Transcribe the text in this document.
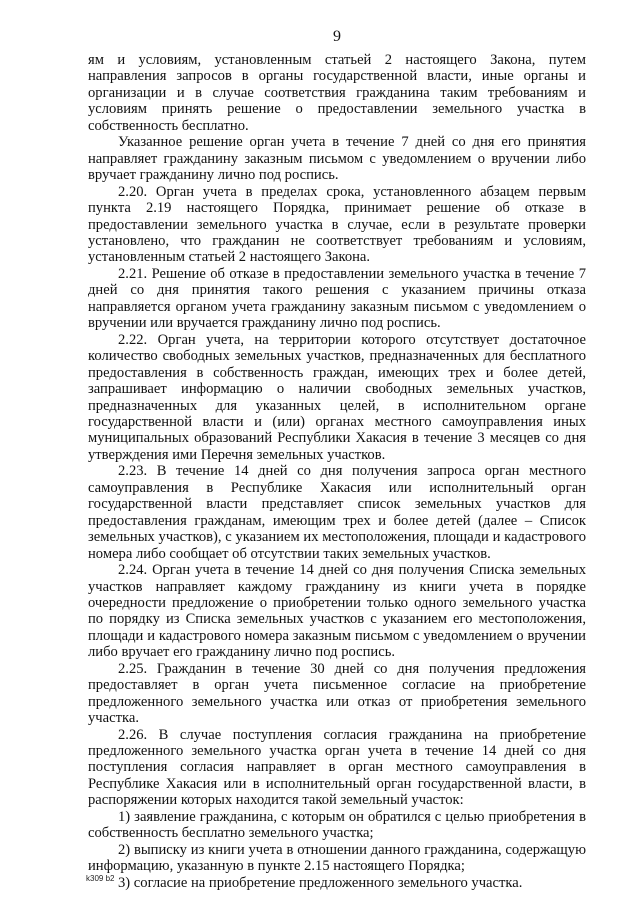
9

ям и условиям, установленным статьей 2 настоящего Закона, путем направления запросов в органы государственной власти, иные органы и организации и в случае соответствия гражданина таким требованиям и условиям принять решение о предоставлении земельного участка в собственность бесплатно.

Указанное решение орган учета в течение 7 дней со дня его принятия направляет гражданину заказным письмом с уведомлением о вручении либо вручает гражданину лично под роспись.

2.20. Орган учета в пределах срока, установленного абзацем первым пункта 2.19 настоящего Порядка, принимает решение об отказе в предоставлении земельного участка в случае, если в результате проверки установлено, что гражданин не соответствует требованиям и условиям, установленным статьей 2 настоящего Закона.

2.21. Решение об отказе в предоставлении земельного участка в течение 7 дней со дня принятия такого решения с указанием причины отказа направляется органом учета гражданину заказным письмом с уведомлением о вручении или вручается гражданину лично под роспись.

2.22. Орган учета, на территории которого отсутствует достаточное количество свободных земельных участков, предназначенных для бесплатного предоставления в собственность граждан, имеющих трех и более детей, запрашивает информацию о наличии свободных земельных участков, предназначенных для указанных целей, в исполнительном органе государственной власти и (или) органах местного самоуправления иных муниципальных образований Республики Хакасия в течение 3 месяцев со дня утверждения ими Перечня земельных участков.

2.23. В течение 14 дней со дня получения запроса орган местного самоуправления в Республике Хакасия или исполнительный орган государственной власти представляет список земельных участков для предоставления гражданам, имеющим трех и более детей (далее – Список земельных участков), с указанием их местоположения, площади и кадастрового номера либо сообщает об отсутствии таких земельных участков.

2.24. Орган учета в течение 14 дней со дня получения Списка земельных участков направляет каждому гражданину из книги учета в порядке очередности предложение о приобретении только одного земельного участка по порядку из Списка земельных участков с указанием его местоположения, площади и кадастрового номера заказным письмом с уведомлением о вручении либо вручает его гражданину лично под роспись.

2.25. Гражданин в течение 30 дней со дня получения предложения предоставляет в орган учета письменное согласие на приобретение предложенного земельного участка или отказ от приобретения земельного участка.

2.26. В случае поступления согласия гражданина на приобретение предложенного земельного участка орган учета в течение 14 дней со дня поступления согласия направляет в орган местного самоуправления в Республике Хакасия или в исполнительный орган государственной власти, в распоряжении которых находится такой земельный участок:

1) заявление гражданина, с которым он обратился с целью приобретения в собственность бесплатно земельного участка;

2) выписку из книги учета в отношении данного гражданина, содержащую информацию, указанную в пункте 2.15 настоящего Порядка;

3) согласие на приобретение предложенного земельного участка.

k309 b2
